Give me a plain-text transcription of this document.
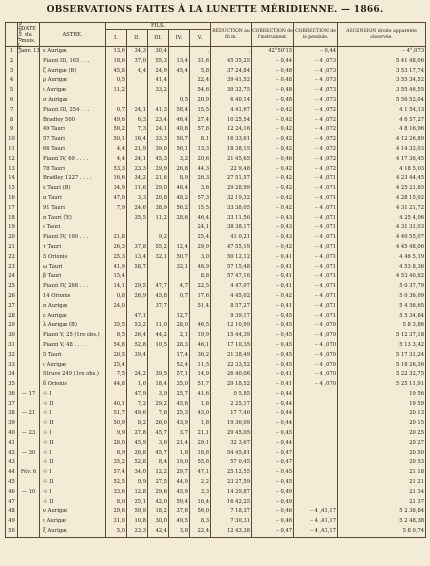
OBSERVATIONS FAITES À LA LUNETTE MÉRIDIENNE. — 1866.
N° d'ordre.	DATE du mois.	ASTRE.	FILS.					RÉDUCTION au fil m.	CORRECTION de l'instrument.	CORRECTION de la pendule.	ASCENSION droite apparente observée.	
			I.	II.	III.	IV.	V.					
1	Janv. 13	ε Aurigæ	13,6	34,3	30,4		.	.	42°50'15	– 0,44	– 4°,073	
2		Piazzi III, 165 . . .	18,6	37,0	55,3	13,4	31,6	45 35,25	– 0,44	– 4 ,073	5 41 48,06	
3		ζ Aurigæ (B)	45,8	4,4	24,9	45,4	5,8	37 24,84	– 0,48	– 4 ,073	3 53 17,74	
4		ρ Aurigæ	0,5		41,4		22,4	39 41,52	– 0,48	– 4 ,073	3 55 34,52	
5		ι Aurigæ	11,2		33,2		54,6	39 32,75	– 0,48	– 4 ,073	3 55 46,55	
6		σ Aurigæ				0,5	20,9	6 40,14	– 0,48	– 4 ,073	5 56 52,04	
7		Piazzi III, 254 . . .	0,7	24,1	41,3	58,4	15,5	4 41,67	– 0,42	– 4 ,072	4 1 54,13	
8		Bradley 500	49,6	6,3	23,4	46,4	27,4	10 25,54	– 0,42	– 4 ,072	4 6 57,27	
9		49 Tauri	50,2	7,3	24,1	40,8	57,8	12 24,16	– 0,42	– 4 ,072	4 8 16,96	
10		57 Tauri	50,1	16,4	33,3	50,7	8,1	16 33,61	– 0,42	– 4 ,072	4 12 26,89	
11		66 Tauri	4,4	21,9	39,0	56,1	13,3	18 38,15	– 0,42	– 4 ,072	4 14 32,03	
12		Piazzi IV, 69 . . . .	4,4	24,1	45,3	3,2	20,6	21 45,65	– 0,46	– 4 ,072	4 17 36,45	
13		78 Tauri	53,3	23,3	29,9	26,8	44,3	22 9,48	– 0,42	– 4 ,072	4 18 5,03	
14		Bradley 1227 . . . .	16,6	34,2	21,6	8,9	26,3	27 51,57	– 0,42	– 4 ,071	4 23 44,45	
15		ε Tauri (B)	34,9	11,6	29,0	46,4	3,6	29 28,99	– 0,42	– 4 ,071	4 25 21,85	
16		α Tauri	47,0	3,3	20,8	48,2	57,3	32 19,32	– 0,42	– 4 ,071	4 28 15,02	
17		91 Tauri	7,9	24,6	38,9	56,2	15,5	33 38,05	– 0,42	– 4 ,071	4 31 21,72	
18		π Tauri (Ἐ)		35,5	11,2	28,6	46,4	33 11,56	– 0,43	– 4 ,071	4 25 4,06	
19		ι Tauri					24,1	38 38,17	– 0,43	– 4 ,071	4 31 31,03	
20		Piazzi IV, 190 . . .	21,8		9,2		25,4	41 0,21	– 0,43	– 4 ,071	4 40 55,07	
21		τ Tauri	26,3	37,8	55,2	12,4	29,9	47 55,19	– 0,42	– 4 ,071	4 45 48,06	
22		5 Orionis	25,3	13,4	32,1	50,7	3,0	50 12,12	– 0,41	– 4 ,071	4 46 5,19	
23		ω Tauri	41,9	58,7		32,1	48,9	57 15,48	– 0,41	– 4 ,071	4 53 8,36	
24		β Tauri	15,4				8,8	57 47,16	– 0,41	– 4 ,071	4 53 40,82	
25		Piazzi IV, 268 . . .	14,1	29,5	47,7	4,7	22,5	4 47,07	– 0,41	– 4 ,071	5 0 37,79	
26		14 Orionis	0,8	26,9	45,8	0,7	17,6	4 45,02	– 0,42	– 4 ,071	5 0 36,09	
27		π Aurigæ	24,0		37,7		51,4	8 57,27	– 0,41	– 4 ,071	5 4 56,65	
28		ε Aurigæ		47,1		12,7		9 39,17	– 0,45	– 4 ,071	5 5 34,84	
29		λ Aurigæ (B)	35,5	53,2	11,0	28,0	46,5	12 10,99	– 0,45	– 4 ,070	5 8 3,86	
30		Piazzi V, 25 (1re obs.)	8,5	26,4	44,2	2,1	19,9	15 44,39	– 0,45	– 4 ,070	5 12 37,18	
31		Piazzi V, 48 . . . .	54,8	52,8	10,5	28,3	46,1	17 10,35	– 0,45	– 4 ,070	5 13 3,42	
32		5 Tauri	20,5	39,4		17,4	36,2	21 38,49	– 0,45	– 4 ,070	5 17 31,24	
33		ι Aurigæ	25,4			52,4	11,5	22 33,52	– 0,45	– 4 ,070	5 18 26,36	
34		Struve 249 (1re obs.)	7,5	24,2	39,5	57,1	14,9	26 40,06	– 0,41	– 4 ,070	5 22 32,75	
35		δ Orionis	44,8	1,6	18,4	35,0	51,7	29 18,52	– 0,41	– 4 ,070	5 25 11,91	
36	— 17	☉ I		47,9	3,9	25,7	41,6	0 5,85	– 0,44		19 56	
37		☉ II	40,1	7,2	29,2	45,6	1,8	2 25,17	– 0,44		19 59	
38	— 21	☉ I	51,7	49,6	7,6	25,3	43,0	17 7,40	– 0,44		20 13	
39		☉ II	50,9	8,2	26,0	43,9	1,8	19 36,09	– 0,44		20 15	
40	— 23	☉ I	9,9	27,8	45,7	3,7	21,1	29 45,05	– 0,45		20 25	
41		☉ II	28,0	45,9	3,6	21,4	29,1	32 3,67	– 0,44		20 27	
42	— 30	☉ I	8,9	26,8	45,7	1,8	18,8	54 45,81	– 0,47		20 50	
43		☉ II	35,2	52,8	8,4	19,0	55,8	57 0,45	– 0,47		20 53	
44	Fév. 6	☉ I	57,4	34,0	12,2	29,7	47,1	25 12,55	– 0,45		21 18	
45		☉ II	52,5	9,9	27,5	44,9	2,2	23 27,59	– 0,45		21 21	
46	— 10	☉ I	33,6	12,8	29,6	45,9	3,3	14 29,87	– 0,49		21 34	
47		☉ II	8,0	25,1	42,0	59,4	16,4	16 42,25	– 0,49		21 37	
48		ν Aurigæ	29,6	59,9	18,2	37,6	56,0	7 18,37	– 0,46	– 4 ,41,17	5 2 36,84	
49		ι Aurigæ	31,0	10,8	30,0	49,5	8,3	7 30,31	– 0,46	– 4 ,41,17	5 2 48,38	
50		ξ Aurigæ	5,0	23,3	42,4	3,8	22,4	12 43,38	– 0,47	– 4 ,41,17	5 8 0,74	
